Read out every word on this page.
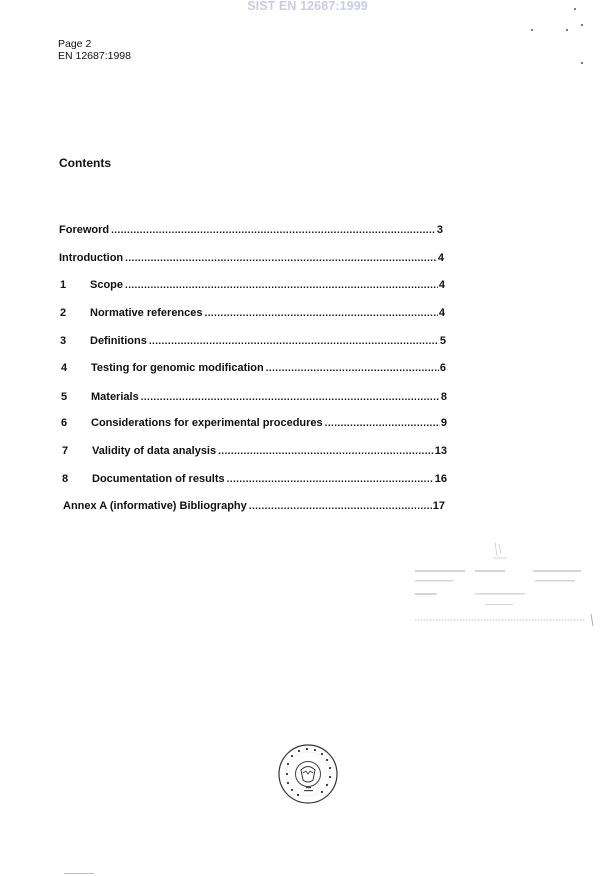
SIST EN 12687:1999
Page 2
EN 12687:1998
Contents
Foreword .....	3
Introduction .....	4
1	Scope .....	4
2	Normative references .....	4
3	Definitions .....	5
4	Testing for genomic modification .....	6
5	Materials .....	8
6	Considerations for experimental procedures .....	9
7	Validity of data analysis .....	13
8	Documentation of results .....	16
Annex A (informative) Bibliography .....	17
